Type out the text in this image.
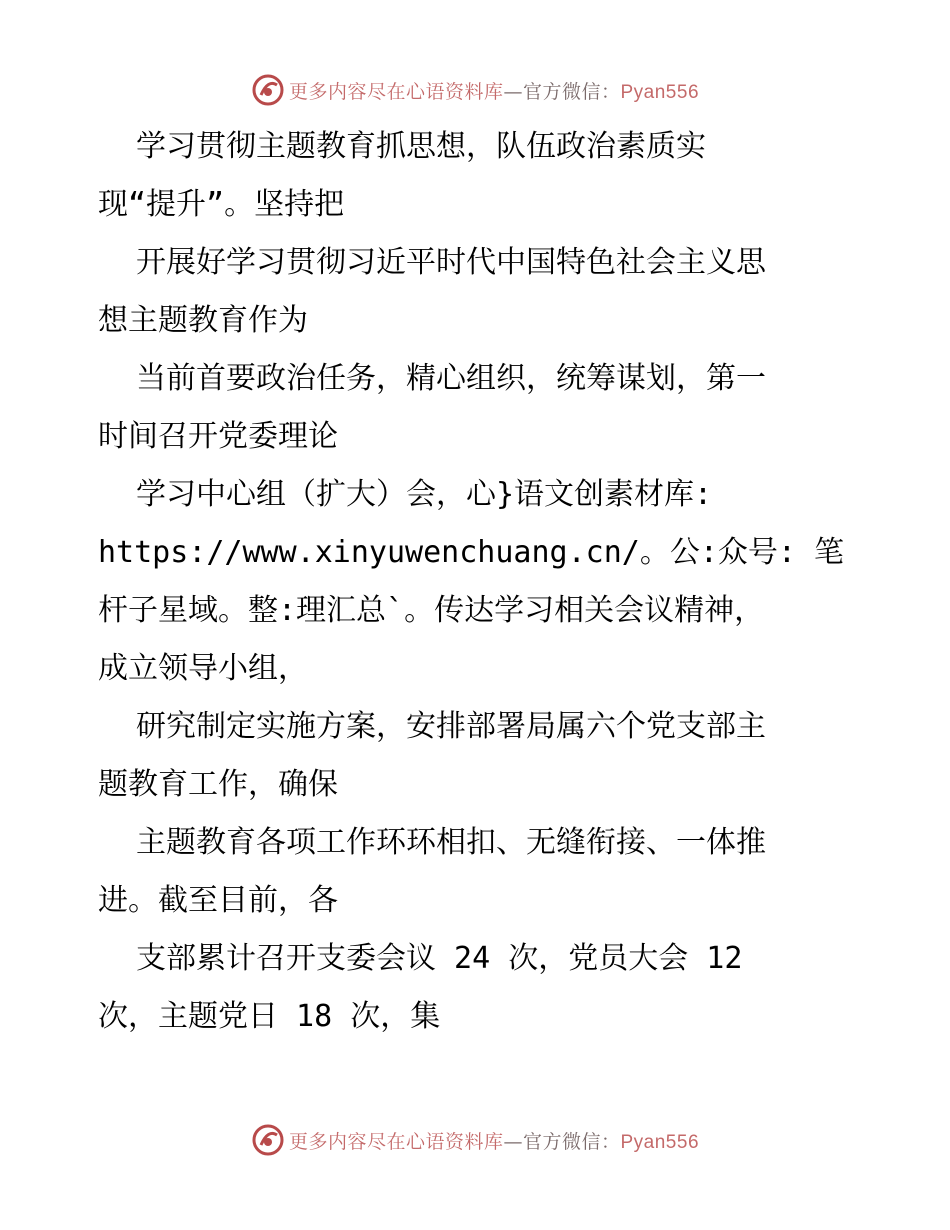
更多内容尽在心语资料库—官方微信：Pyan556
学习贯彻主题教育抓思想，队伍政治素质实
现“提升”。坚持把
开展好学习贯彻习近平时代中国特色社会主义思
想主题教育作为
当前首要政治任务，精心组织，统筹谋划，第一
时间召开党委理论
学习中心组（扩大）会，心}语文创素材库:
https://www.xinyuwenchuang.cn/。公:众号: 笔
杆子星域。整:理汇总`。传达学习相关会议精神，
成立领导小组，
研究制定实施方案，安排部署局属六个党支部主
题教育工作，确保
主题教育各项工作环环相扣、无缝衔接、一体推
进。截至目前，各
支部累计召开支委会议 24 次，党员大会 12
次，主题党日 18 次，集
更多内容尽在心语资料库—官方微信：Pyan556
